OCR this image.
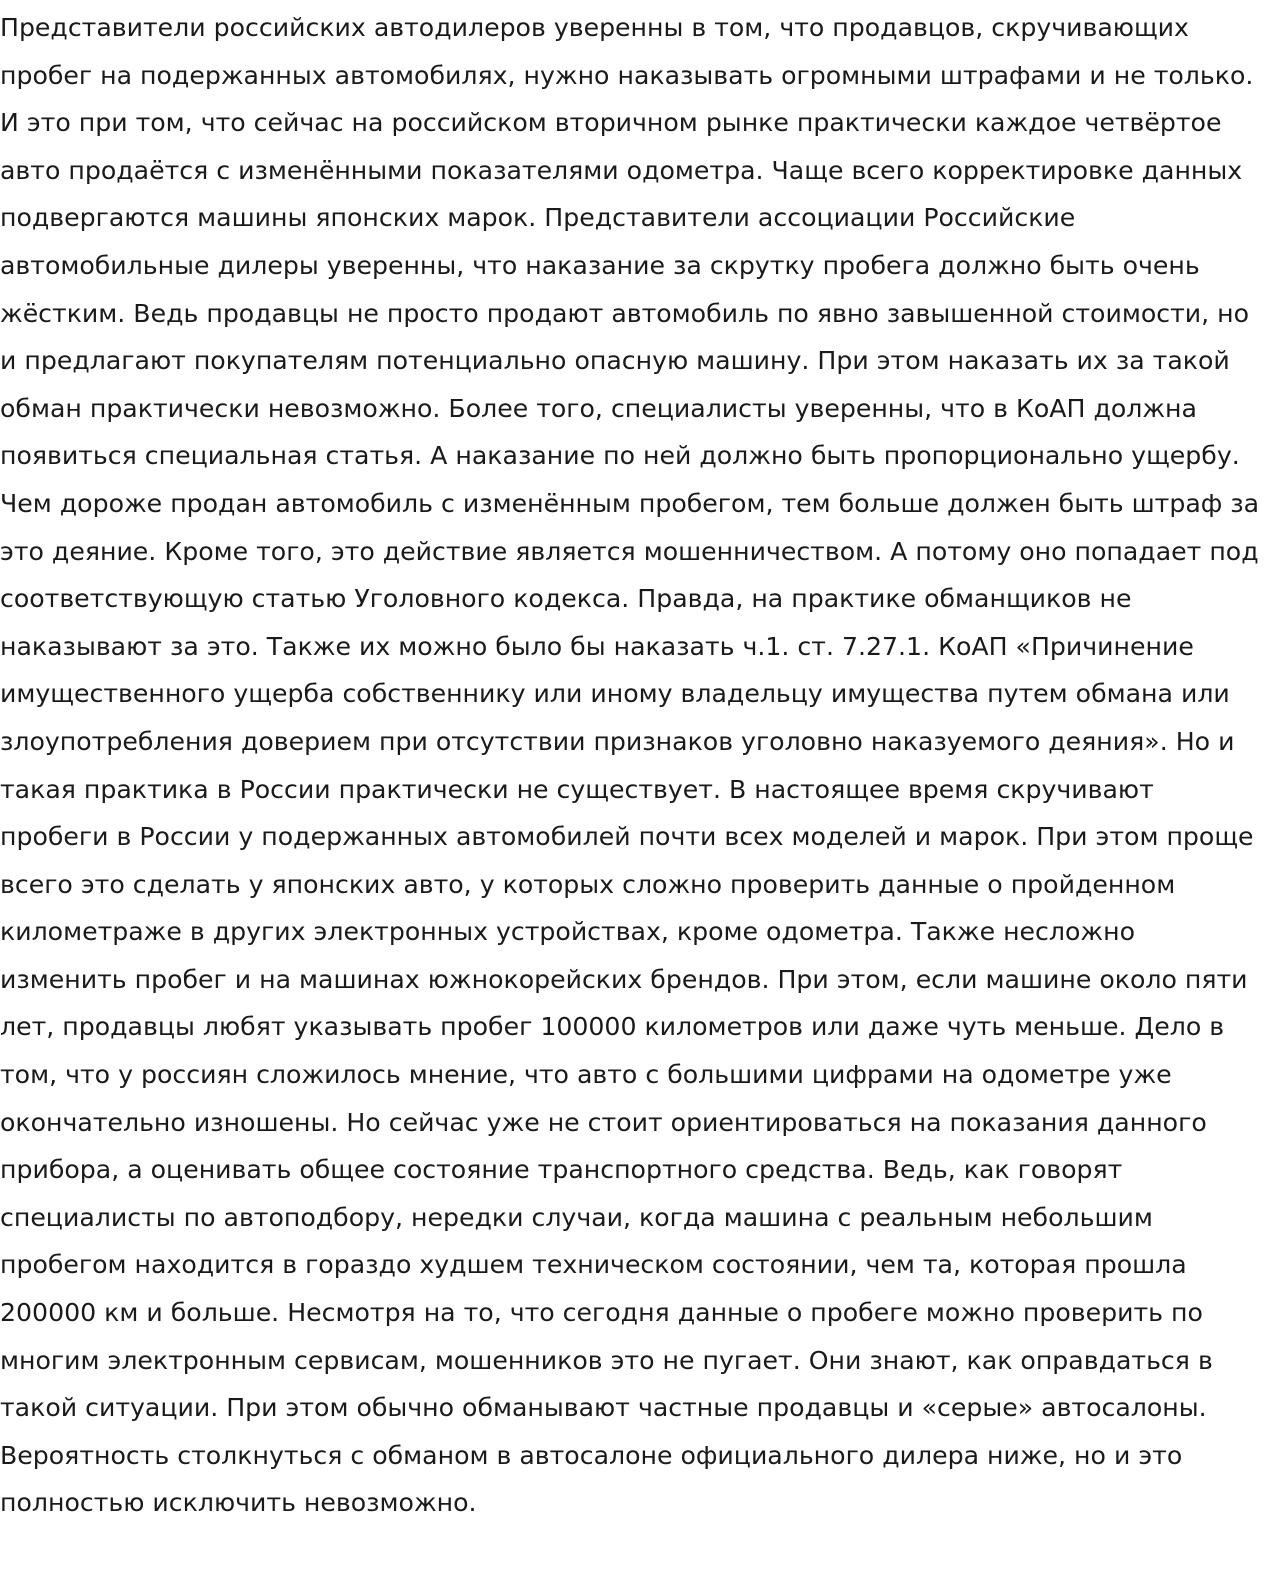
Представители российских автодилеров уверенны в том, что продавцов, скручивающих пробег на подержанных автомобилях, нужно наказывать огромными штрафами и не только. И это при том, что сейчас на российском вторичном рынке практически каждое четвёртое авто продаётся с изменёнными показателями одометра. Чаще всего корректировке данных подвергаются машины японских марок. Представители ассоциации Российские автомобильные дилеры уверенны, что наказание за скрутку пробега должно быть очень жёстким. Ведь продавцы не просто продают автомобиль по явно завышенной стоимости, но и предлагают покупателям потенциально опасную машину. При этом наказать их за такой обман практически невозможно. Более того, специалисты уверенны, что в КоАП должна появиться специальная статья. А наказание по ней должно быть пропорционально ущербу. Чем дороже продан автомобиль с изменённым пробегом, тем больше должен быть штраф за это деяние. Кроме того, это действие является мошенничеством. А потому оно попадает под соответствующую статью Уголовного кодекса. Правда, на практике обманщиков не наказывают за это. Также их можно было бы наказать ч.1. ст. 7.27.1. КоАП «Причинение имущественного ущерба собственнику или иному владельцу имущества путем обмана или злоупотребления доверием при отсутствии признаков уголовно наказуемого деяния». Но и такая практика в России практически не существует. В настоящее время скручивают пробеги в России у подержанных автомобилей почти всех моделей и марок. При этом проще всего это сделать у японских авто, у которых сложно проверить данные о пройденном километраже в других электронных устройствах, кроме одометра. Также несложно изменить пробег и на машинах южнокорейских брендов. При этом, если машине около пяти лет, продавцы любят указывать пробег 100000 километров или даже чуть меньше. Дело в том, что у россиян сложилось мнение, что авто с большими цифрами на одометре уже окончательно изношены. Но сейчас уже не стоит ориентироваться на показания данного прибора, а оценивать общее состояние транспортного средства. Ведь, как говорят специалисты по автоподбору, нередки случаи, когда машина с реальным небольшим пробегом находится в гораздо худшем техническом состоянии, чем та, которая прошла 200000 км и больше. Несмотря на то, что сегодня данные о пробеге можно проверить по многим электронным сервисам, мошенников это не пугает. Они знают, как оправдаться в такой ситуации. При этом обычно обманывают частные продавцы и «серые» автосалоны. Вероятность столкнуться с обманом в автосалоне официального дилера ниже, но и это полностью исключить невозможно.
